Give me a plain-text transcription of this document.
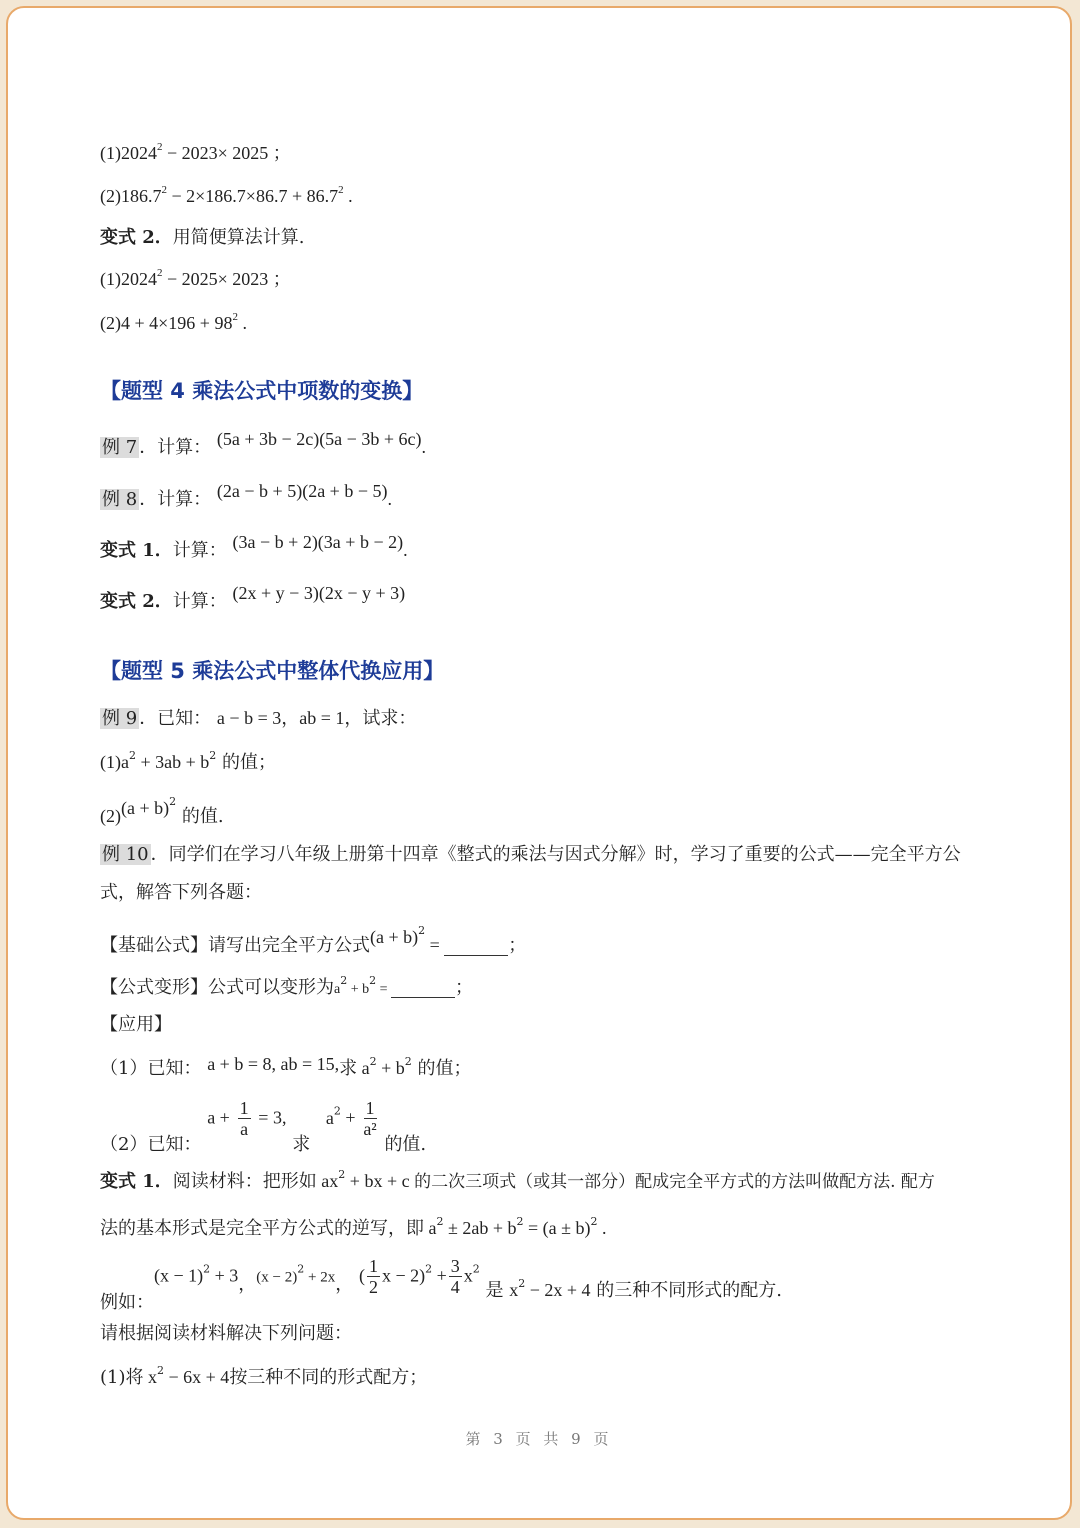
$(1)2024^2 - 2023\times 2025$ ；
$(2)186.7^2 - 2\times 186.7\times 86.7 + 86.7^2$ .
变式 2．用简便算法计算.
$(1)2024^2 - 2025\times 2023$ ；
$(2)4 + 4\times 196 + 98^2$ .
【题型 4 乘法公式中项数的变换】
例 7 ．计算： (5a + 3b − 2c)(5a − 3b + 6c).
例 8 ．计算： (2a − b + 5)(2a + b − 5).
变式 1．计算： (3a − b + 2)(3a + b − 2).
变式 2．计算： (2x + y − 3)(2x − y + 3)
【题型 5 乘法公式中整体代换应用】
例 9 ．已知： a − b = 3，ab = 1，试求：
$(1)a^2 + 3ab + b^2$ 的值；
$(2)(a + b)^2$ 的值.
例 10 ．同学们在学习八年级上册第十四章《整式的乘法与因式分解》时，学习了重要的公式——完全平方公
式，解答下列各题：
【基础公式】请写出完全平方公式$(a + b)^2$ =	；
【公式变形】公式可以变形为$a^2 + b^2$ =	；
【应用】
（1）已知： a + b = 8, ab = 15,求 $a^2 + b^2$ 的值；
（2）已知： $a + \frac{1}{a} = 3$, 求 $a^2 + \frac{1}{\text{a²}}$
的值.
变式 1．阅读材料：把形如 $ax^2$ + bx + c 的二次三项式（或其一部分）配成完全平方式的方法叫做配方法. 配方
法的基本形式是完全平方公式的逆写，即 $a^2 \pm 2ab + b^2 = (a \pm b)^2$ .
例如：$(x - 1)^2 + 3$，$(x - 2)^2 + 2x$， ( $\frac{1}{2}$ $x - 2)^2 + \frac{3}{4} x^2$ 是 $x^2 - 2x + 4$ 的三种不同形式的配方.
请根据阅读材料解决下列问题：
(1)将 $x^2 - 6x + 4$按三种不同的形式配方；
第 3 页 共 9 页
